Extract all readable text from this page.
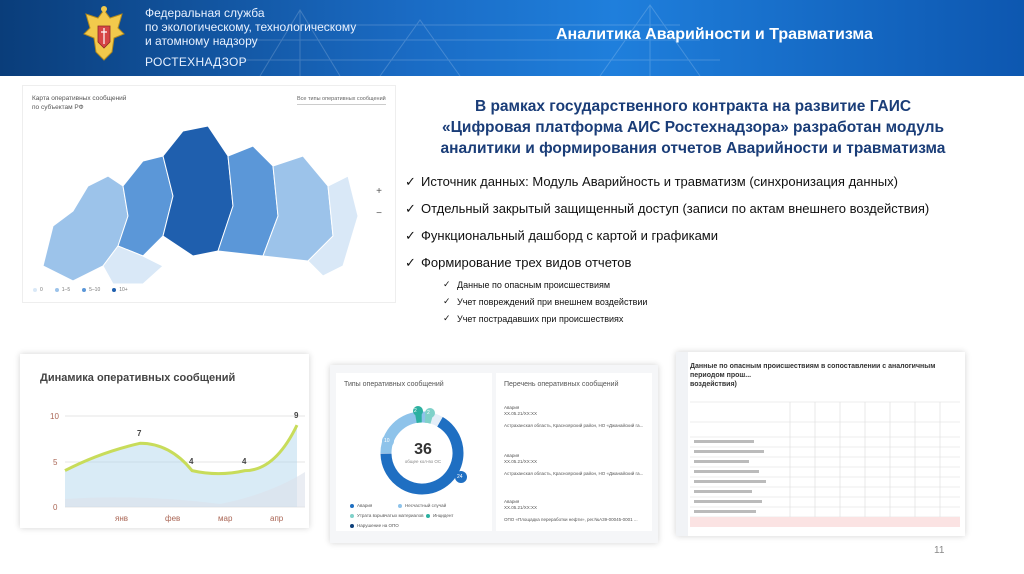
Федеральная служба
по экологическому, технологическому
и атомному надзору
РОСТЕХНАДЗОР
Аналитика Аварийности и Травматизма
Карта оперативных сообщений
по субъектам РФ
Все типы оперативных сообщений
+
−
0	1–5	5–10	10+
В рамках государственного контракта на развитие ГАИС
«Цифровая платформа АИС Ростехнадзора» разработан модуль
аналитики и формирования отчетов Аварийности и травматизма
✓ Источник данных: Модуль Аварийность и травматизм (синхронизация данных)
✓ Отдельный закрытый защищенный доступ (записи по актам внешнего воздействия)
✓ Функциональный дашборд с картой и графиками
✓ Формирование трех видов отчетов
✓ Данные по опасным происшествиям
✓ Учет повреждений при внешнем воздействии
✓ Учет пострадавших при происшествиях
Динамика оперативных сообщений
10
5
0
янв	фев	мар	апр
7
4	4
9
Типы оперативных сообщений
2 2
10
24
36
общее кол-во ОС
Авария	Несчастный случай
Утрата взрывчатых материалов Инцидент
Нарушение на ОПО
Перечень оперативных сообщений
Авария
XX.05.21/XX:XX
Астраханская область, Красноярский район, НО «Джанайский га...
Авария
XX.05.21/XX:XX
Астраханская область, Красноярский район, НО «Джанайский га...
Авария
XX.05.21/XX:XX
ОПО «Площадка переработки нефти», рег.№А39-00045-0001 ...
Данные по опасным происшествиям в сопоставлении с аналогичным периодом прош...
воздействия)
11
